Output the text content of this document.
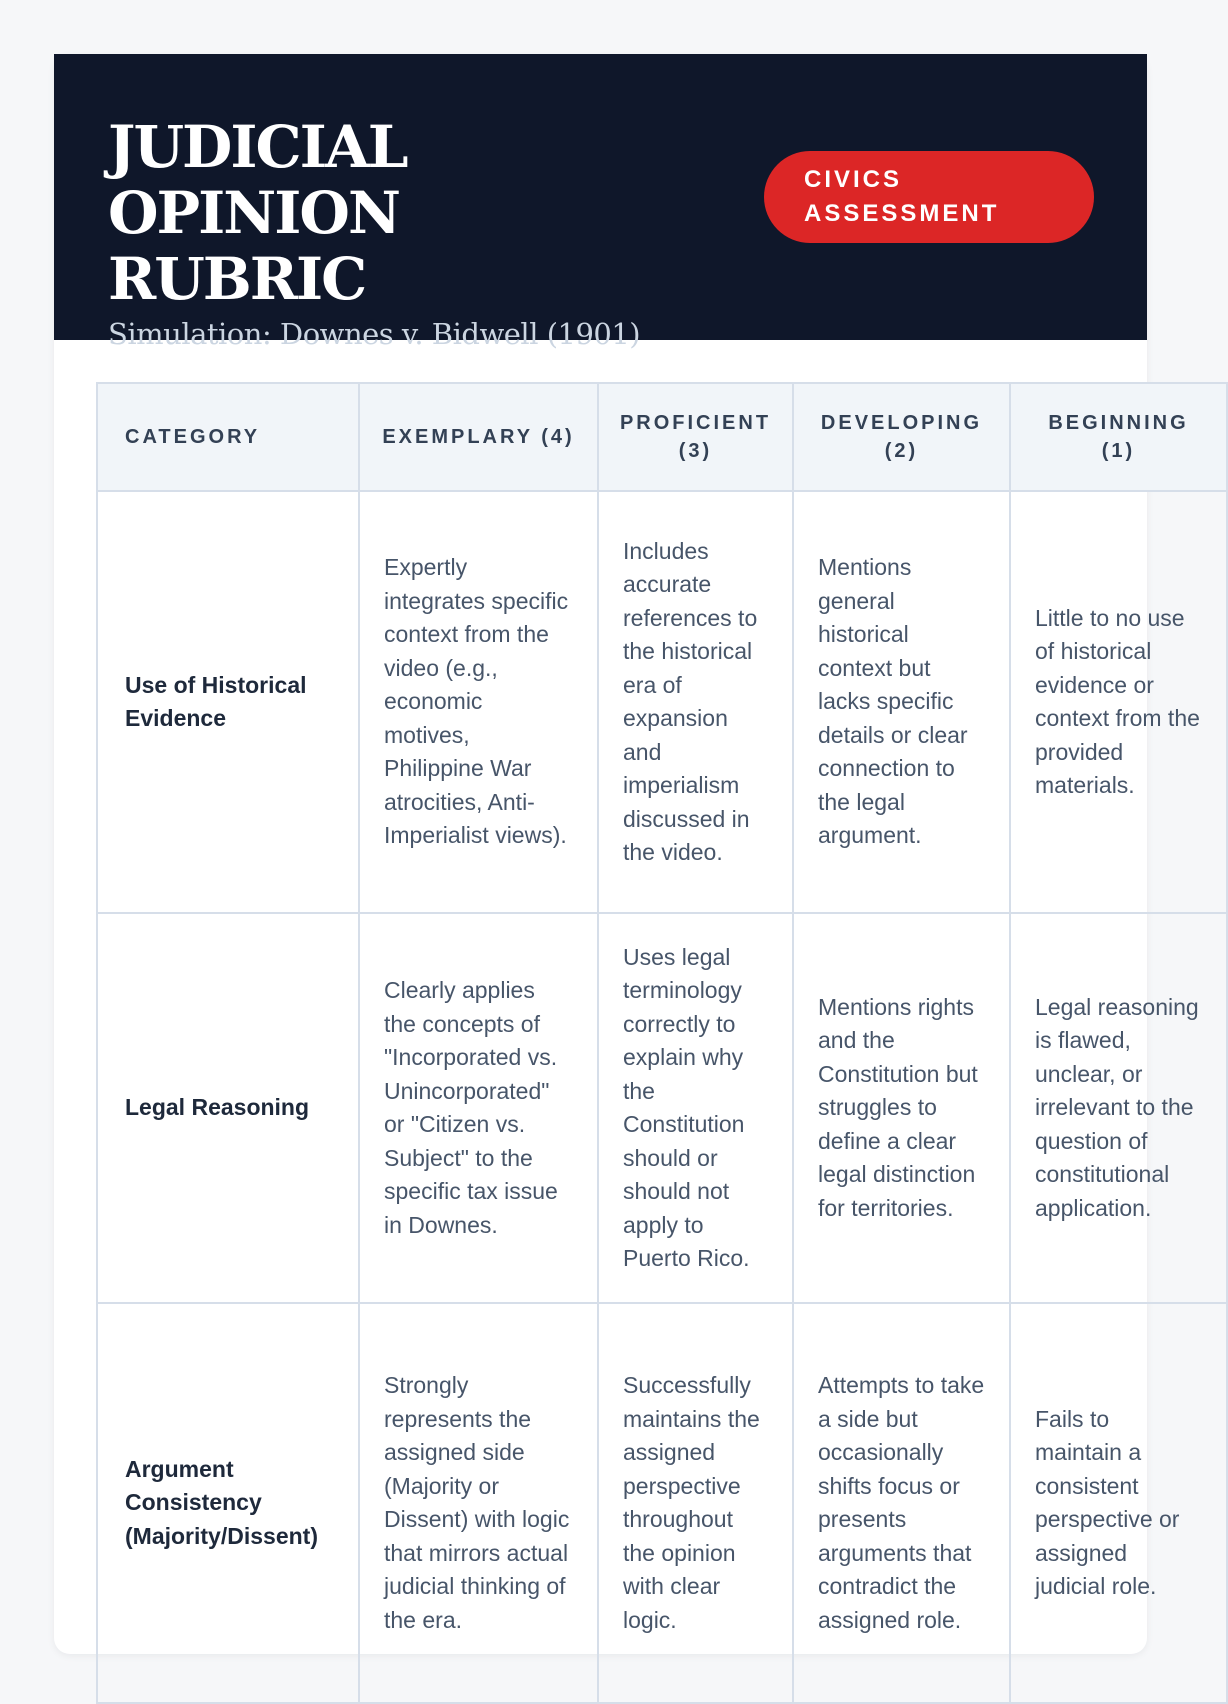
JUDICIAL OPINION RUBRIC
Simulation: Downes v. Bidwell (1901)
CIVICS ASSESSMENT
CATEGORY	EXEMPLARY (4)	PROFICIENT (3)	DEVELOPING (2)	BEGINNING (1)
Use of Historical Evidence	Expertly integrates specific context from the video (e.g., economic motives, Philippine War atrocities, Anti-Imperialist views).	Includes accurate references to the historical era of expansion and imperialism discussed in the video.	Mentions general historical context but lacks specific details or clear connection to the legal argument.	Little to no use of historical evidence or context from the provided materials.
Legal Reasoning	Clearly applies the concepts of "Incorporated vs. Unincorporated" or "Citizen vs. Subject" to the specific tax issue in Downes.	Uses legal terminology correctly to explain why the Constitution should or should not apply to Puerto Rico.	Mentions rights and the Constitution but struggles to define a clear legal distinction for territories.	Legal reasoning is flawed, unclear, or irrelevant to the question of constitutional application.
Argument Consistency (Majority/Dissent)	Strongly represents the assigned side (Majority or Dissent) with logic that mirrors actual judicial thinking of the era.	Successfully maintains the assigned perspective throughout the opinion with clear logic.	Attempts to take a side but occasionally shifts focus or presents arguments that contradict the assigned role.	Fails to maintain a consistent perspective or assigned judicial role.
